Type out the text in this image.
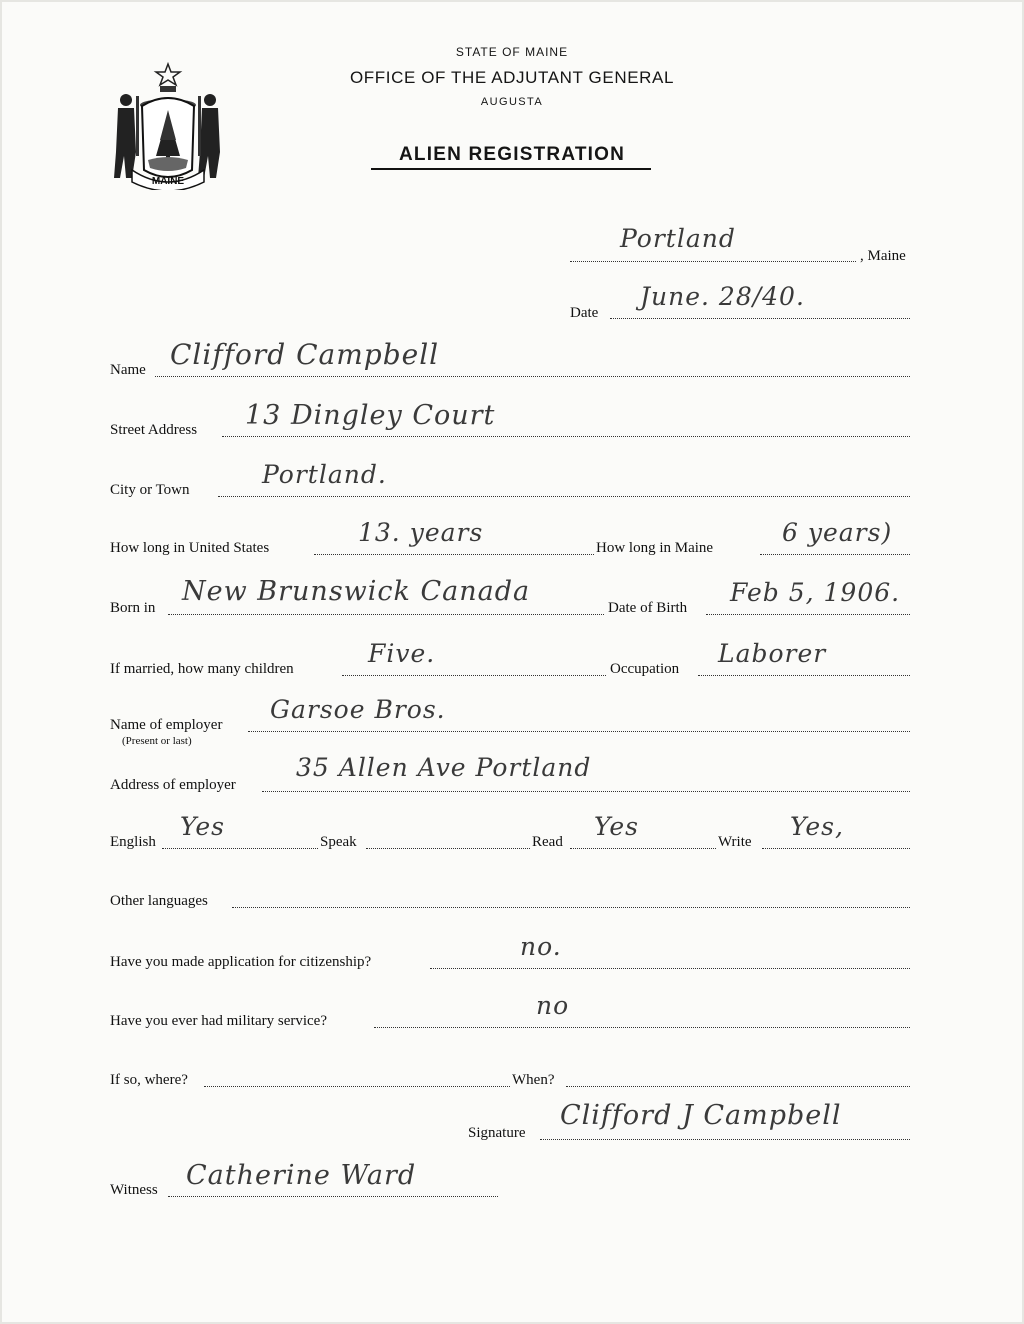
MAINE
STATE OF MAINE
OFFICE OF THE ADJUTANT GENERAL
AUGUSTA
ALIEN REGISTRATION
Portland
, Maine
Date
June. 28/40.
Name Clifford Campbell
Street Address 13 Dingley Court
City or Town
Portland.
How long in United States
13. years
How long in Maine
6 years)
Born in
New Brunswick Canada
Date of Birth
Feb 5, 1906.
If married, how many children
Five.
Occupation
Laborer
Name of employer
(Present or last)
Garsoe Bros.
Address of employer
35 Allen Ave Portland
English
Yes
Speak	Read
Yes
Write
Yes,
Other languages
Have you made application for citizenship?
no.
Have you ever had military service?
no
If so, where?	When?
Signature
Clifford J Campbell
Witness Catherine Ward
